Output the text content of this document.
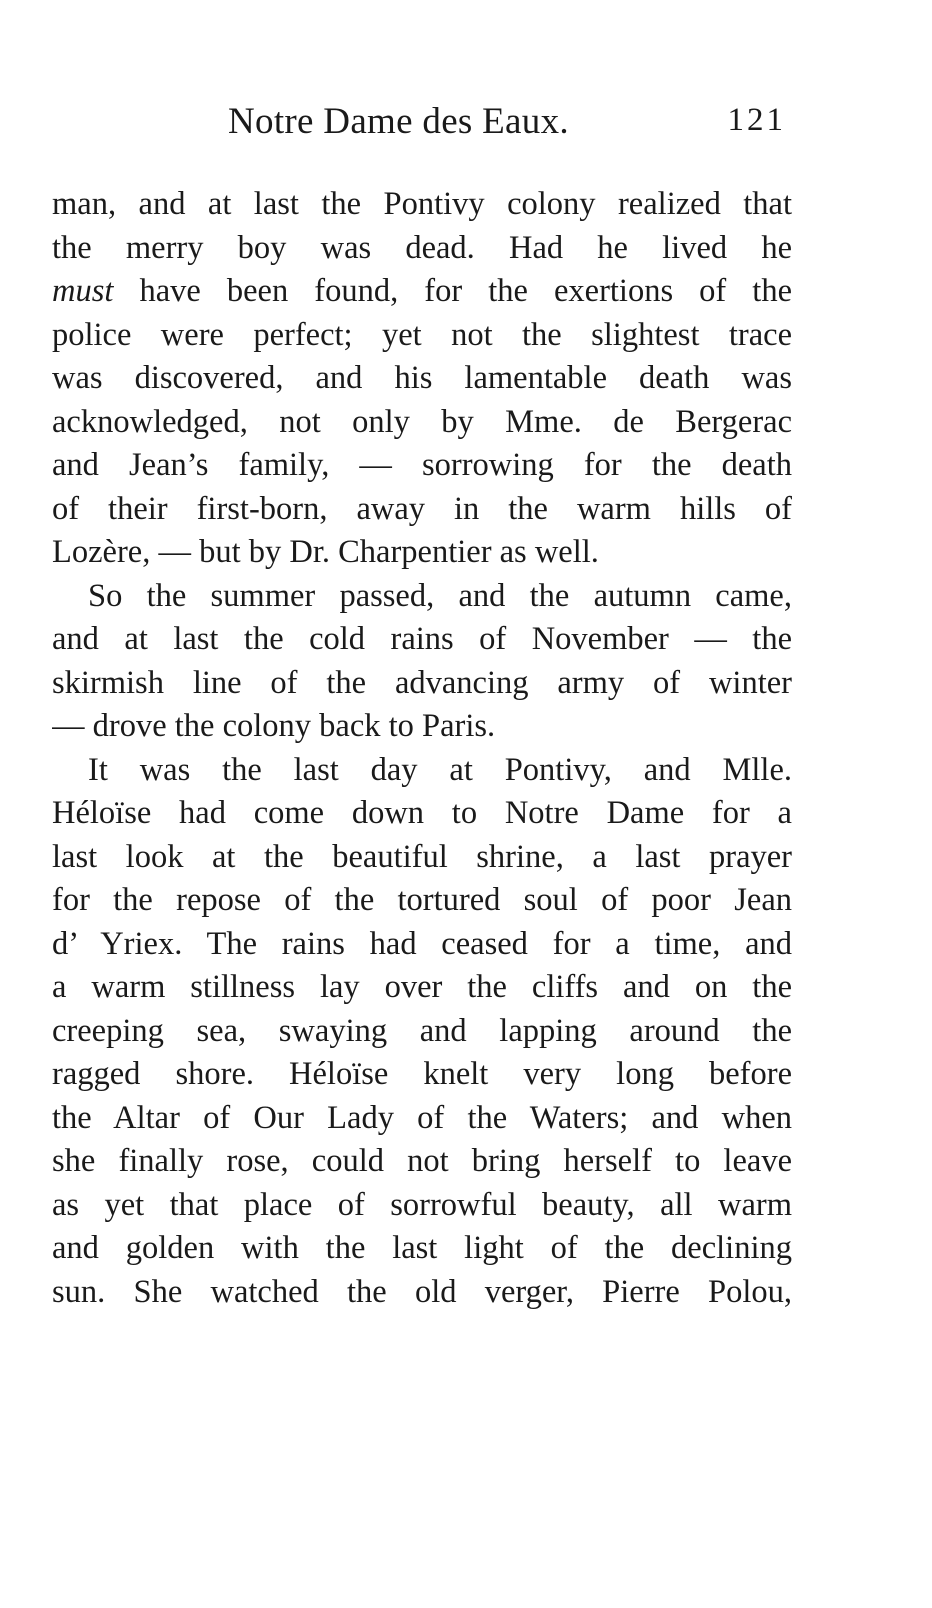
Notre Dame des Eaux.	121
man, and at last the Pontivy colony realized that
the merry boy was dead. Had he lived he
must have been found, for the exertions of the
police were perfect; yet not the slightest trace
was discovered, and his lamentable death was
acknowledged, not only by Mme. de Bergerac
and Jean’s family, — sorrowing for the death
of their first-born, away in the warm hills of
Lozère, — but by Dr. Charpentier as well.
So the summer passed, and the autumn came,
and at last the cold rains of November — the
skirmish line of the advancing army of winter
— drove the colony back to Paris.
It was the last day at Pontivy, and Mlle.
Héloïse had come down to Notre Dame for a
last look at the beautiful shrine, a last prayer
for the repose of the tortured soul of poor Jean
d’ Yriex. The rains had ceased for a time, and
a warm stillness lay over the cliffs and on the
creeping sea, swaying and lapping around the
ragged shore. Héloïse knelt very long before
the Altar of Our Lady of the Waters; and when
she finally rose, could not bring herself to leave
as yet that place of sorrowful beauty, all warm
and golden with the last light of the declining
sun. She watched the old verger, Pierre Polou,
